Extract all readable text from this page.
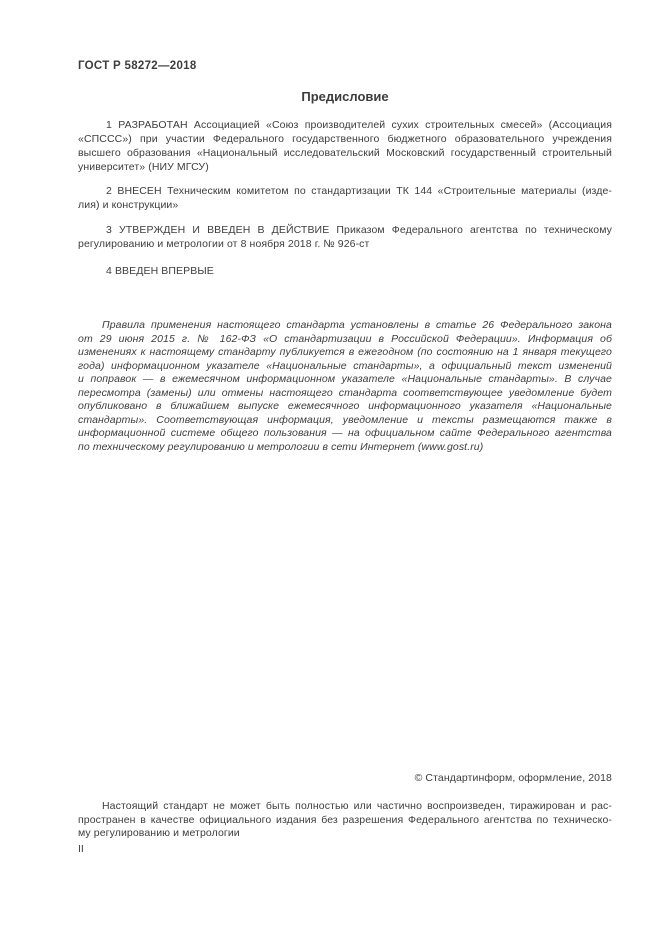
ГОСТ Р 58272—2018
Предисловие
1 РАЗРАБОТАН Ассоциацией «Союз производителей сухих строительных смесей» (Ассоциация
«СПССС») при участии Федерального государственного бюджетного образовательного учреждения
высшего образования «Национальный исследовательский Московский государственный строительный
университет» (НИУ МГСУ)
2 ВНЕСЕН Техническим комитетом по стандартизации ТК 144 «Строительные материалы (изде-
лия) и конструкции»
3 УТВЕРЖДЕН И ВВЕДЕН В ДЕЙСТВИЕ Приказом Федерального агентства по техническому
регулированию и метрологии от 8 ноября 2018 г. № 926-ст
4 ВВЕДЕН ВПЕРВЫЕ
Правила применения настоящего стандарта установлены в статье 26 Федерального закона
от 29 июня 2015 г. № 162-ФЗ «О стандартизации в Российской Федерации». Информация об
изменениях к настоящему стандарту публикуется в ежегодном (по состоянию на 1 января текущего
года) информационном указателе «Национальные стандарты», а официальный текст изменений
и поправок — в ежемесячном информационном указателе «Национальные стандарты». В случае
пересмотра (замены) или отмены настоящего стандарта соответствующее уведомление будет
опубликовано в ближайшем выпуске ежемесячного информационного указателя «Национальные
стандарты». Соответствующая информация, уведомление и тексты размещаются также в
информационной системе общего пользования — на официальном сайте Федерального агентства
по техническому регулированию и метрологии в сети Интернет (www.gost.ru)
© Стандартинформ, оформление, 2018
Настоящий стандарт не может быть полностью или частично воспроизведен, тиражирован и рас-
пространен в качестве официального издания без разрешения Федерального агентства по техническо-
му регулированию и метрологии
II
